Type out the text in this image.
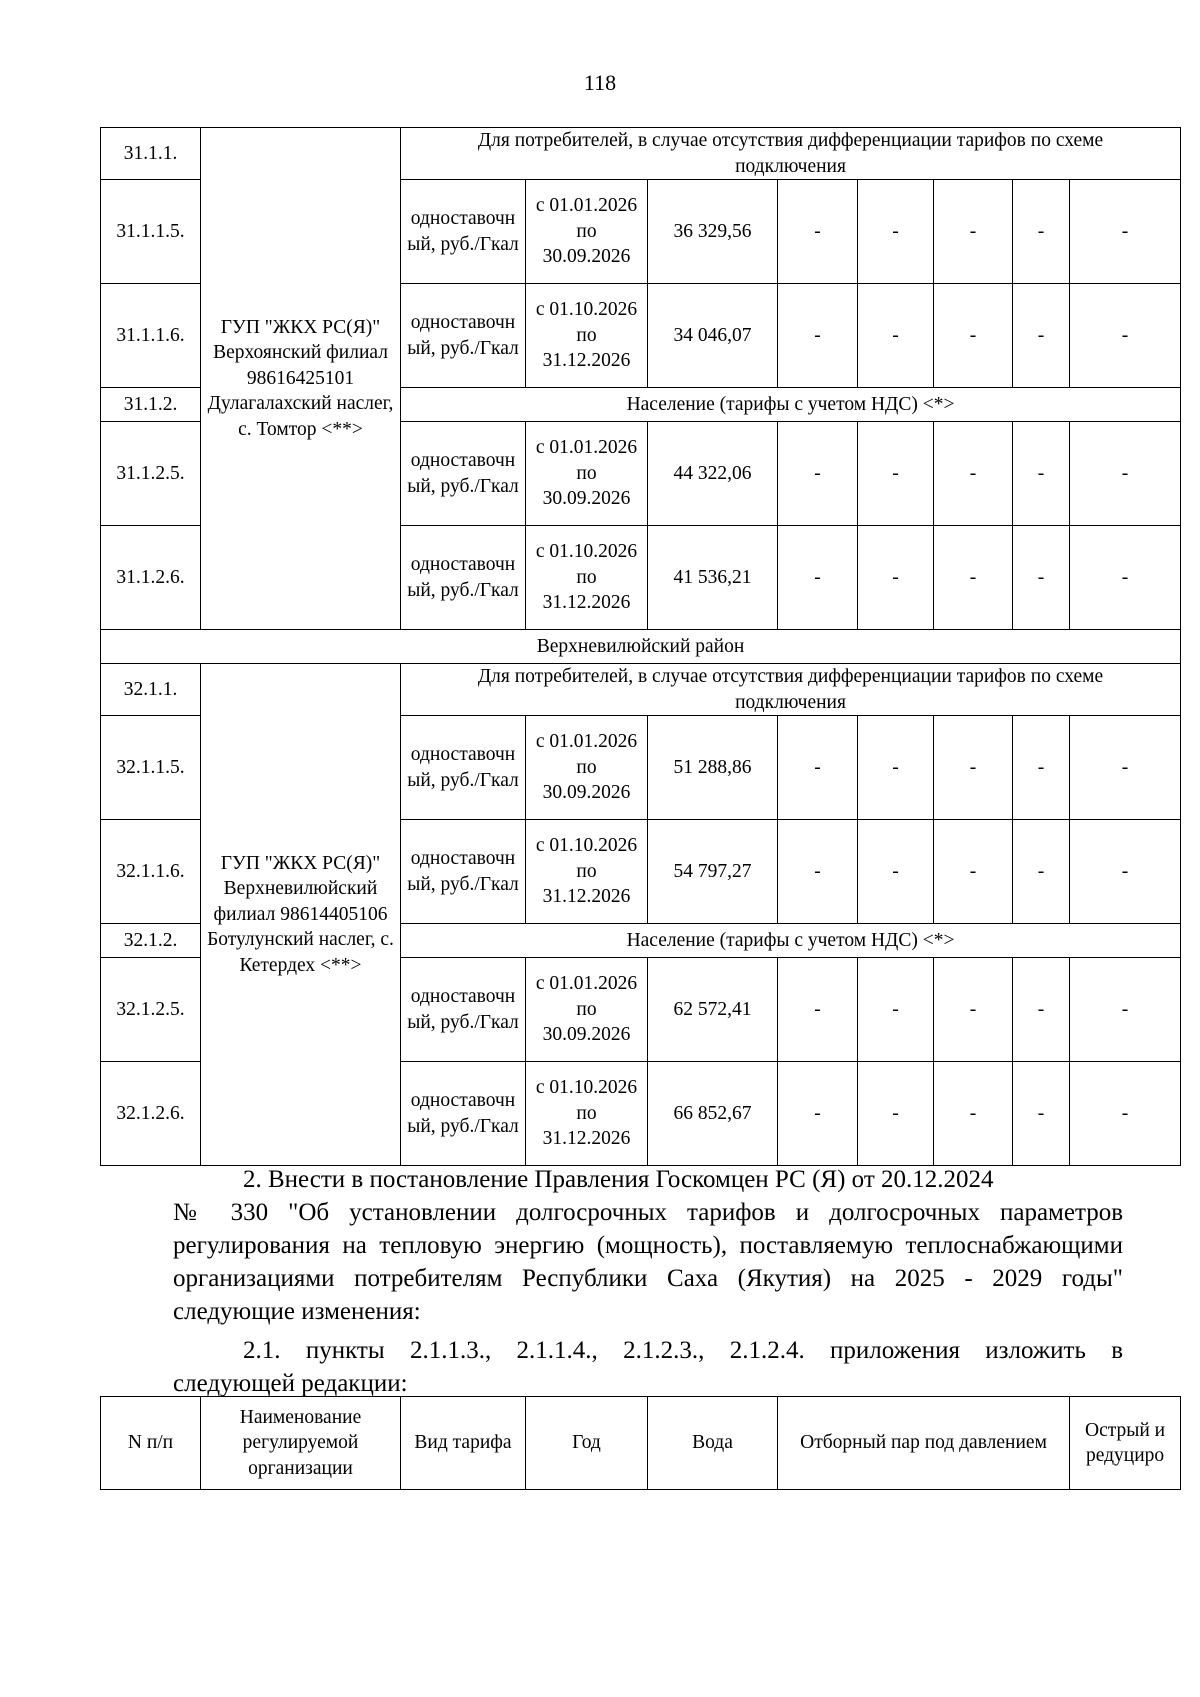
118
31.1.1.	ГУП "ЖКХ РС(Я)" Верхоянский филиал 98616425101 Дулагалахский наслег, с. Томтор <**>	Для потребителей, в случае отсутствия дифференциации тарифов по схеме подключения							
31.1.1.5.		одноставочный, руб./Гкал	с 01.01.2026 по 30.09.2026	36 329,56	-	-	-	-	-
31.1.1.6.		одноставочный, руб./Гкал	с 01.10.2026 по 31.12.2026	34 046,07	-	-	-	-	-
31.1.2.		Население (тарифы с учетом НДС) <*>							
31.1.2.5.		одноставочный, руб./Гкал	с 01.01.2026 по 30.09.2026	44 322,06	-	-	-	-	-
31.1.2.6.		одноставочный, руб./Гкал	с 01.10.2026 по 31.12.2026	41 536,21	-	-	-	-	-
Верхневилюйский район									
32.1.1.	ГУП "ЖКХ РС(Я)" Верхневилюйский филиал 98614405106 Ботулунский наслег, с. Кетердех <**>	Для потребителей, в случае отсутствия дифференциации тарифов по схеме подключения							
32.1.1.5.		одноставочный, руб./Гкал	с 01.01.2026 по 30.09.2026	51 288,86	-	-	-	-	-
32.1.1.6.		одноставочный, руб./Гкал	с 01.10.2026 по 31.12.2026	54 797,27	-	-	-	-	-
32.1.2.		Население (тарифы с учетом НДС) <*>							
32.1.2.5.		одноставочный, руб./Гкал	с 01.01.2026 по 30.09.2026	62 572,41	-	-	-	-	-
32.1.2.6.		одноставочный, руб./Гкал	с 01.10.2026 по 31.12.2026	66 852,67	-	-	-	-	-
2. Внести в постановление Правления Госкомцен РС (Я) от 20.12.2024
№ 330 "Об установлении долгосрочных тарифов и долгосрочных параметров регулирования на тепловую энергию (мощность), поставляемую теплоснабжающими организациями потребителям Республики Саха (Якутия) на 2025 - 2029 годы" следующие изменения:
2.1. пункты 2.1.1.3., 2.1.1.4., 2.1.2.3., 2.1.2.4. приложения изложить в
следующей редакции:
N п/п	Наименование регулируемой организации	Вид тарифа	Год	Вода	Отборный пар под давлением	Острый и редуциро
